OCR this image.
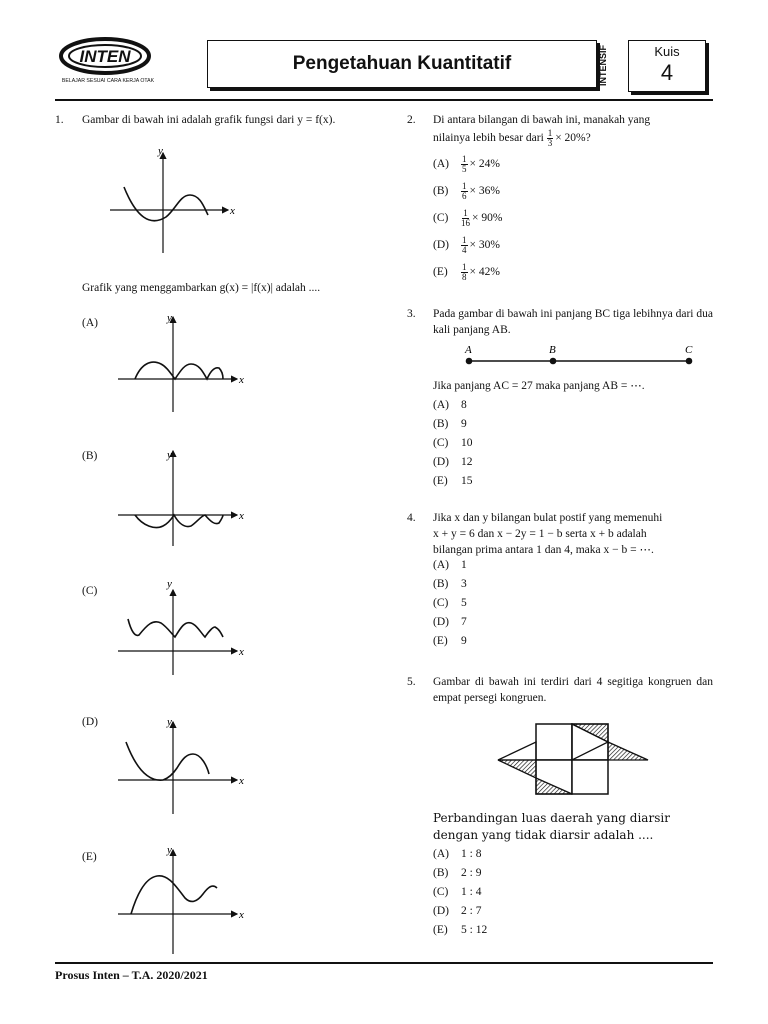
INTEN
BELAJAR SESUAI CARA KERJA OTAK
Pengetahuan Kuantitatif	INTENSIF	Kuis
4
1. Gambar di bawah ini adalah grafik fungsi dari y = f(x).
y
x
Grafik yang menggambarkan g(x) = |f(x)| adalah ....
(A)	y
x
(B)	y
x
(C)
y
x
(D)	y
x
(E)
y
x
2. Di antara bilangan di bawah ini, manakah yang
nilainya lebih besar dari $\frac{1}{3} \times 20\%$?
$(A) \frac{1}{5} \times 24\%$
$(B) \frac{1}{6} \times 36\%$
$(C) \frac{1}{16} \times 90\%$
$(D) \frac{1}{4} \times 30\%$
$(E) \frac{1}{8} \times 42\%$
3. Pada gambar di bawah ini panjang BC tiga lebihnya dari dua kali panjang AB.
A	B	C
Jika panjang AC = 27 maka panjang AB = ⋯.
(A) 8
(B) 9
(C) 10
(D) 12
(E) 15
4. Jika x dan y bilangan bulat postif yang memenuhi
x + y = 6 dan x − 2y = 1 − b serta x + b adalah
bilangan prima antara 1 dan 4, maka x − b = ⋯.
(A) 1
(B) 3
(C) 5
(D) 7
(E) 9
5. Gambar di bawah ini terdiri dari 4 segitiga kongruen dan empat persegi kongruen.
Perbandingan luas daerah yang diarsir dengan yang tidak diarsir adalah ....
(A) 1 : 8
(B) 2 : 9
(C) 1 : 4
(D) 2 : 7
(E) 5 : 12
Prosus Inten – T.A. 2020/2021
